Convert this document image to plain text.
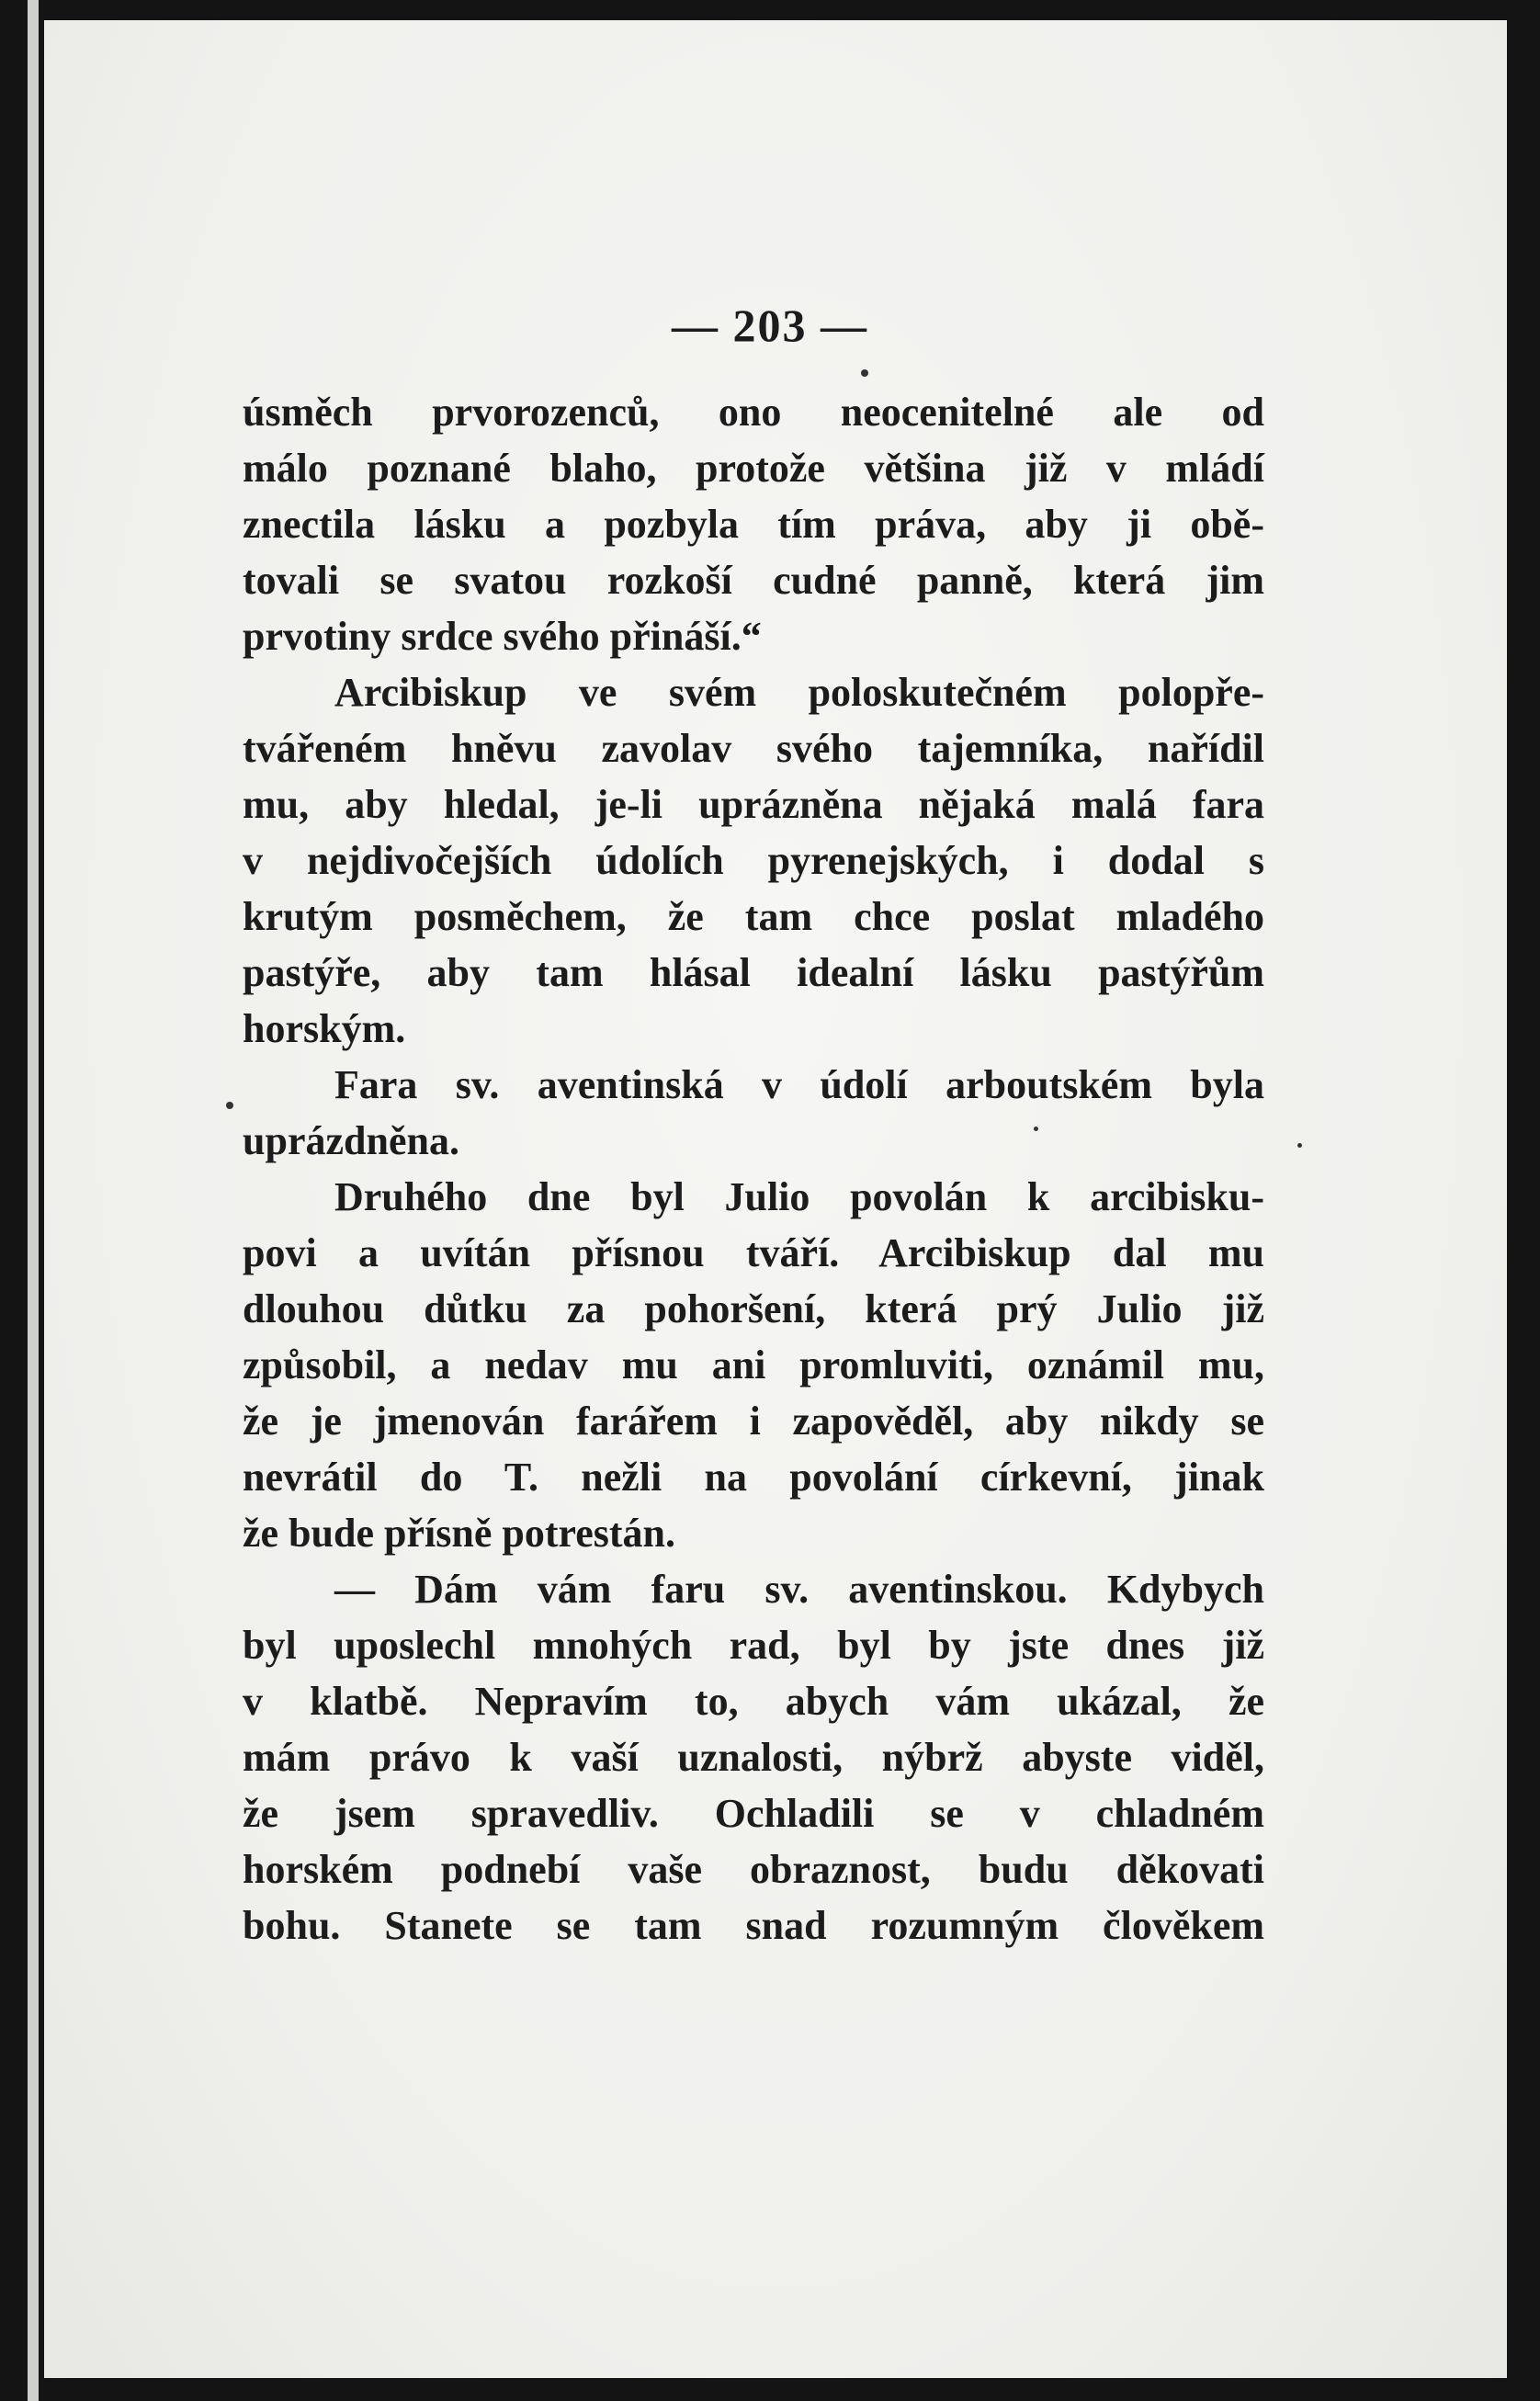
— 203 —
úsměch prvorozenců, ono neocenitelné ale od
málo poznané blaho, protože většina již v mládí
znectila lásku a pozbyla tím práva, aby ji obě-
tovali se svatou rozkoší cudné panně, která jim
prvotiny srdce svého přináší.“
Arcibiskup ve svém poloskutečném polopře-
tvářeném hněvu zavolav svého tajemníka, nařídil
mu, aby hledal, je-li uprázněna nějaká malá fara
v nejdivočejších údolích pyrenejských, i dodal s
krutým posměchem, že tam chce poslat mladého
pastýře, aby tam hlásal idealní lásku pastýřům
horským.
Fara sv. aventinská v údolí arboutském byla
uprázdněna.
Druhého dne byl Julio povolán k arcibisku-
povi a uvítán přísnou tváří. Arcibiskup dal mu
dlouhou důtku za pohoršení, která prý Julio již
způsobil, a nedav mu ani promluviti, oznámil mu,
že je jmenován farářem i zapověděl, aby nikdy se
nevrátil do T. nežli na povolání církevní, jinak
že bude přísně potrestán.
— Dám vám faru sv. aventinskou. Kdybych
byl uposlechl mnohých rad, byl by jste dnes již
v klatbě. Nepravím to, abych vám ukázal, že
mám právo k vaší uznalosti, nýbrž abyste viděl,
že jsem spravedliv. Ochladili se v chladném
horském podnebí vaše obraznost, budu děkovati
bohu. Stanete se tam snad rozumným člověkem
